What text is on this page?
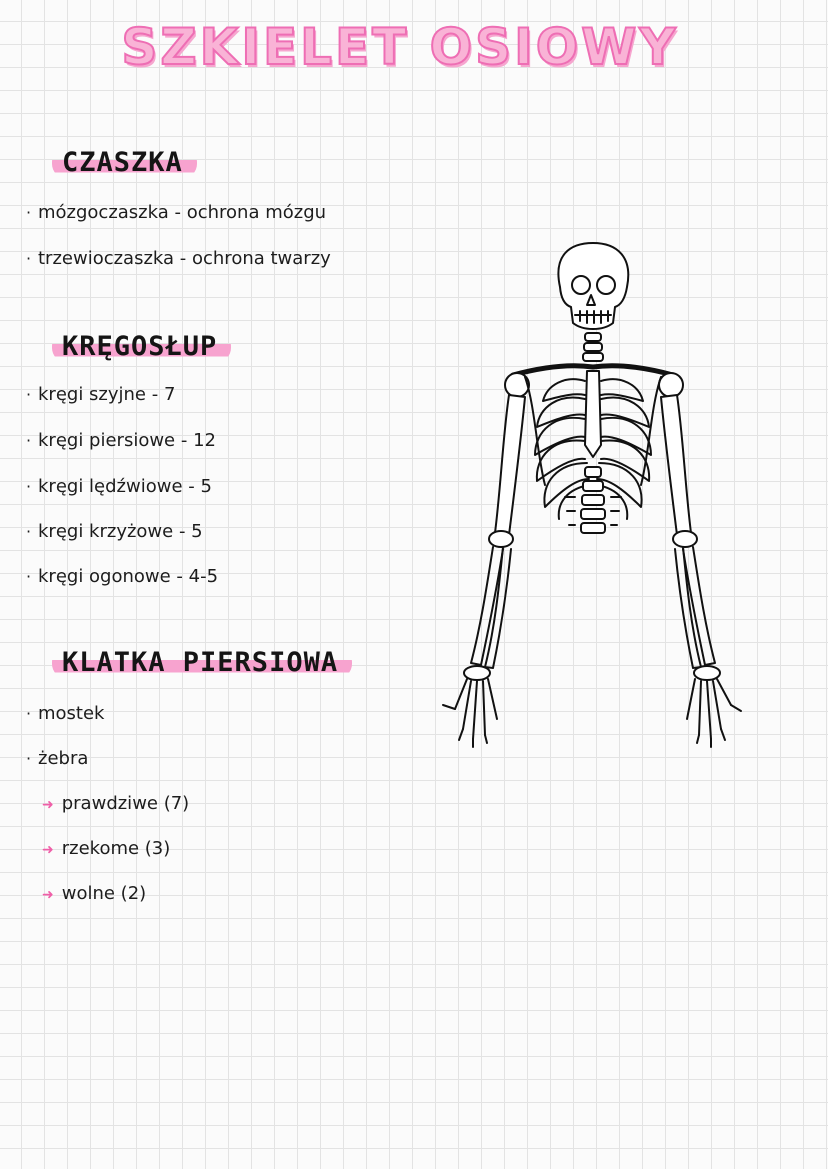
SZKIELET OSIOWY
CZASZKA
· mózgoczaszka - ochrona mózgu
· trzewioczaszka - ochrona twarzy
KRĘGOSŁUP
· kręgi szyjne - 7
· kręgi piersiowe - 12
· kręgi lędźwiowe - 5
· kręgi krzyżowe - 5
· kręgi ogonowe - 4-5
KLATKA PIERSIOWA
· mostek
· żebra
➜ prawdziwe (7)
➜ rzekome (3)
➜ wolne (2)
